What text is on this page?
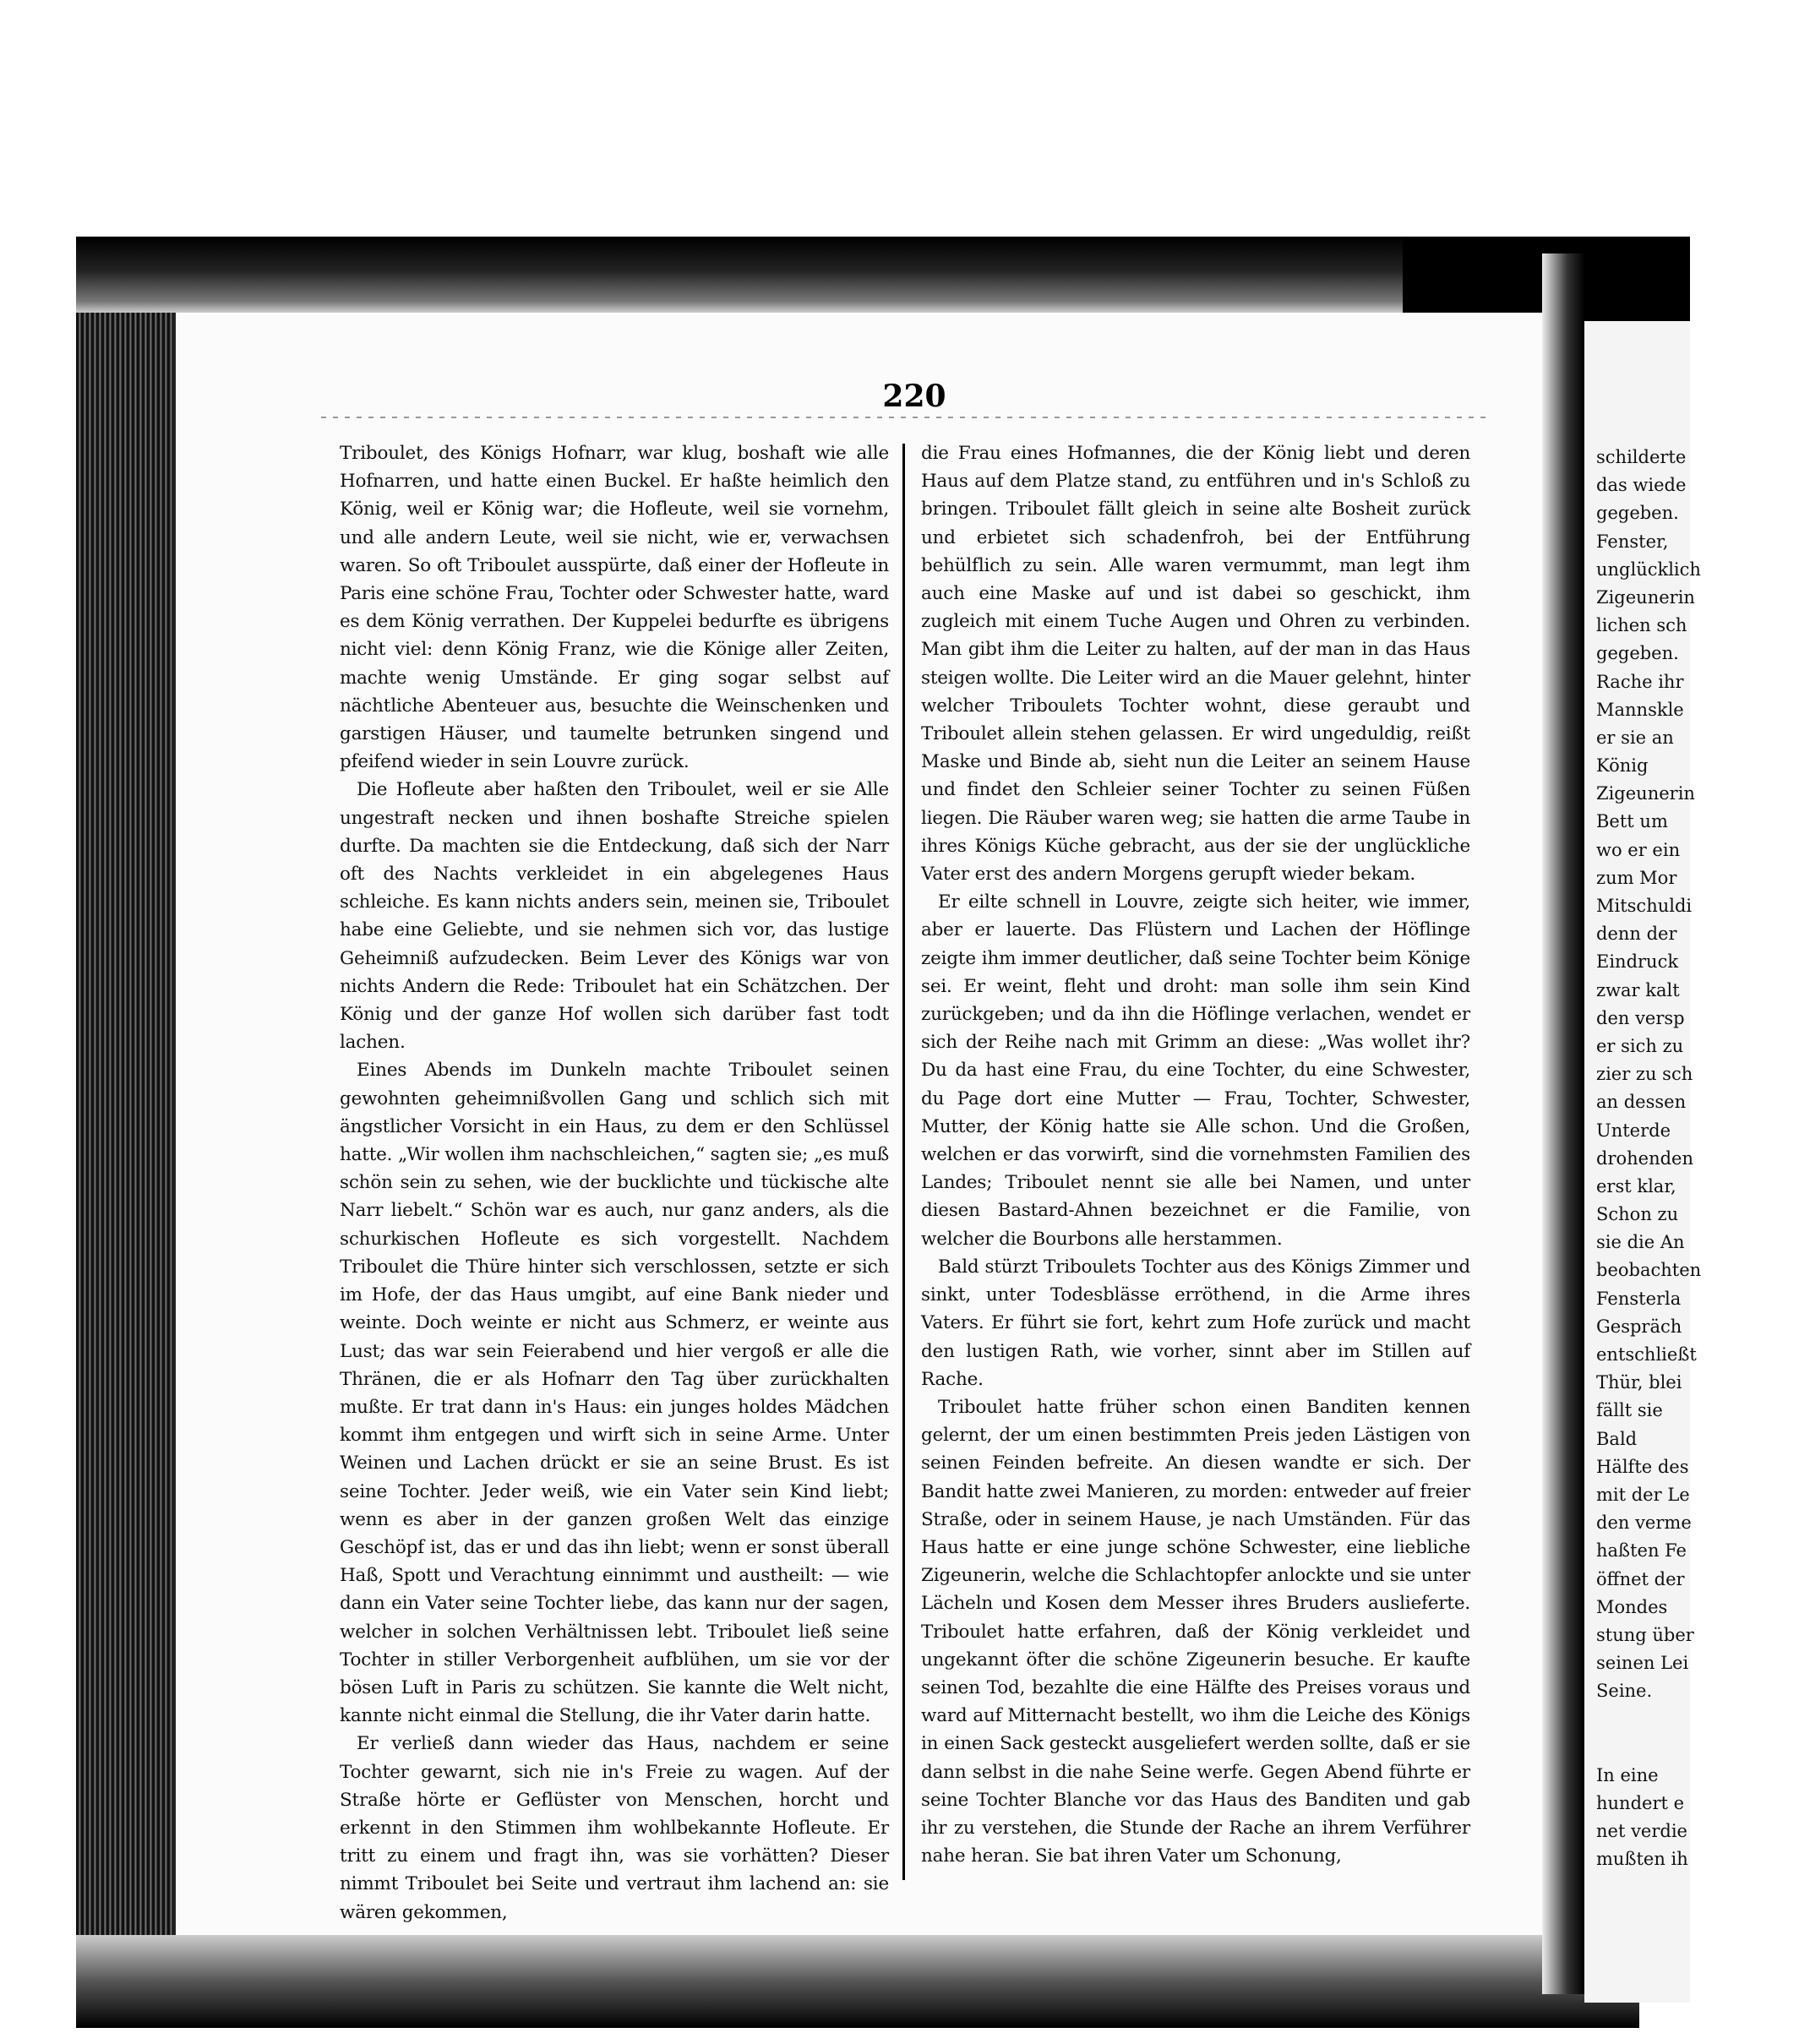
schilderte
das wiede
gegeben.
Fenster,
unglücklich
Zigeunerin
lichen sch
gegeben.
Rache ihr
Mannskle
er sie an
König
Zigeunerin
Bett um
wo er ein
zum Mor
Mitschuldi
denn der
Eindruck
zwar kalt
den versp
er sich zu
zier zu sch
an dessen
Unterde
drohenden
erst klar,
Schon zu
sie die An
beobachten
Fensterla
Gespräch
entschließt
Thür, blei
fällt sie
Bald
Hälfte des
mit der Le
den verme
haßten Fe
öffnet der
Mondes
stung über
seinen Lei
Seine.
In eine
hundert e
net verdie
mußten ih
220

Triboulet, des Königs Hofnarr, war klug, boshaft wie alle Hofnarren, und hatte einen Buckel. Er haßte heimlich den König, weil er König war; die Hofleute, weil sie vornehm, und alle andern Leute, weil sie nicht, wie er, verwachsen waren. So oft Triboulet ausspürte, daß einer der Hofleute in Paris eine schöne Frau, Tochter oder Schwester hatte, ward es dem König verrathen. Der Kuppelei bedurfte es übrigens nicht viel: denn König Franz, wie die Könige aller Zeiten, machte wenig Umstände. Er ging sogar selbst auf nächtliche Abenteuer aus, besuchte die Weinschenken und garstigen Häuser, und taumelte betrunken singend und pfeifend wieder in sein Louvre zurück.

Die Hofleute aber haßten den Triboulet, weil er sie Alle ungestraft necken und ihnen boshafte Streiche spielen durfte. Da machten sie die Entdeckung, daß sich der Narr oft des Nachts verkleidet in ein abgelegenes Haus schleiche. Es kann nichts anders sein, meinen sie, Triboulet habe eine Geliebte, und sie nehmen sich vor, das lustige Geheimniß aufzudecken. Beim Lever des Königs war von nichts Andern die Rede: Triboulet hat ein Schätzchen. Der König und der ganze Hof wollen sich darüber fast todt lachen.

Eines Abends im Dunkeln machte Triboulet seinen gewohnten geheimnißvollen Gang und schlich sich mit ängstlicher Vorsicht in ein Haus, zu dem er den Schlüssel hatte. „Wir wollen ihm nachschleichen,“ sagten sie; „es muß schön sein zu sehen, wie der bucklichte und tückische alte Narr liebelt.“ Schön war es auch, nur ganz anders, als die schurkischen Hofleute es sich vorgestellt. Nachdem Triboulet die Thüre hinter sich verschlossen, setzte er sich im Hofe, der das Haus umgibt, auf eine Bank nieder und weinte. Doch weinte er nicht aus Schmerz, er weinte aus Lust; das war sein Feierabend und hier vergoß er alle die Thränen, die er als Hofnarr den Tag über zurückhalten mußte. Er trat dann in's Haus: ein junges holdes Mädchen kommt ihm entgegen und wirft sich in seine Arme. Unter Weinen und Lachen drückt er sie an seine Brust. Es ist seine Tochter. Jeder weiß, wie ein Vater sein Kind liebt; wenn es aber in der ganzen großen Welt das einzige Geschöpf ist, das er und das ihn liebt; wenn er sonst überall Haß, Spott und Verachtung einnimmt und austheilt: — wie dann ein Vater seine Tochter liebe, das kann nur der sagen, welcher in solchen Verhältnissen lebt. Triboulet ließ seine Tochter in stiller Verborgenheit aufblühen, um sie vor der bösen Luft in Paris zu schützen. Sie kannte die Welt nicht, kannte nicht einmal die Stellung, die ihr Vater darin hatte.

Er verließ dann wieder das Haus, nachdem er seine Tochter gewarnt, sich nie in's Freie zu wagen. Auf der Straße hörte er Geflüster von Menschen, horcht und erkennt in den Stimmen ihm wohlbekannte Hofleute. Er tritt zu einem und fragt ihn, was sie vorhätten? Dieser nimmt Triboulet bei Seite und vertraut ihm lachend an: sie wären gekommen,

die Frau eines Hofmannes, die der König liebt und deren Haus auf dem Platze stand, zu entführen und in's Schloß zu bringen. Triboulet fällt gleich in seine alte Bosheit zurück und erbietet sich schadenfroh, bei der Entführung behülflich zu sein. Alle waren vermummt, man legt ihm auch eine Maske auf und ist dabei so geschickt, ihm zugleich mit einem Tuche Augen und Ohren zu verbinden. Man gibt ihm die Leiter zu halten, auf der man in das Haus steigen wollte. Die Leiter wird an die Mauer gelehnt, hinter welcher Triboulets Tochter wohnt, diese geraubt und Triboulet allein stehen gelassen. Er wird ungeduldig, reißt Maske und Binde ab, sieht nun die Leiter an seinem Hause und findet den Schleier seiner Tochter zu seinen Füßen liegen. Die Räuber waren weg; sie hatten die arme Taube in ihres Königs Küche gebracht, aus der sie der unglückliche Vater erst des andern Morgens gerupft wieder bekam.

Er eilte schnell in Louvre, zeigte sich heiter, wie immer, aber er lauerte. Das Flüstern und Lachen der Höflinge zeigte ihm immer deutlicher, daß seine Tochter beim Könige sei. Er weint, fleht und droht: man solle ihm sein Kind zurückgeben; und da ihn die Höflinge verlachen, wendet er sich der Reihe nach mit Grimm an diese: „Was wollet ihr? Du da hast eine Frau, du eine Tochter, du eine Schwester, du Page dort eine Mutter — Frau, Tochter, Schwester, Mutter, der König hatte sie Alle schon. Und die Großen, welchen er das vorwirft, sind die vornehmsten Familien des Landes; Triboulet nennt sie alle bei Namen, und unter diesen Bastard-Ahnen bezeichnet er die Familie, von welcher die Bourbons alle herstammen.

Bald stürzt Triboulets Tochter aus des Königs Zimmer und sinkt, unter Todesblässe erröthend, in die Arme ihres Vaters. Er führt sie fort, kehrt zum Hofe zurück und macht den lustigen Rath, wie vorher, sinnt aber im Stillen auf Rache.

Triboulet hatte früher schon einen Banditen kennen gelernt, der um einen bestimmten Preis jeden Lästigen von seinen Feinden befreite. An diesen wandte er sich. Der Bandit hatte zwei Manieren, zu morden: entweder auf freier Straße, oder in seinem Hause, je nach Umständen. Für das Haus hatte er eine junge schöne Schwester, eine liebliche Zigeunerin, welche die Schlachtopfer anlockte und sie unter Lächeln und Kosen dem Messer ihres Bruders auslieferte. Triboulet hatte erfahren, daß der König verkleidet und ungekannt öfter die schöne Zigeunerin besuche. Er kaufte seinen Tod, bezahlte die eine Hälfte des Preises voraus und ward auf Mitternacht bestellt, wo ihm die Leiche des Königs in einen Sack gesteckt ausgeliefert werden sollte, daß er sie dann selbst in die nahe Seine werfe. Gegen Abend führte er seine Tochter Blanche vor das Haus des Banditen und gab ihr zu verstehen, die Stunde der Rache an ihrem Verführer nahe heran. Sie bat ihren Vater um Schonung,
